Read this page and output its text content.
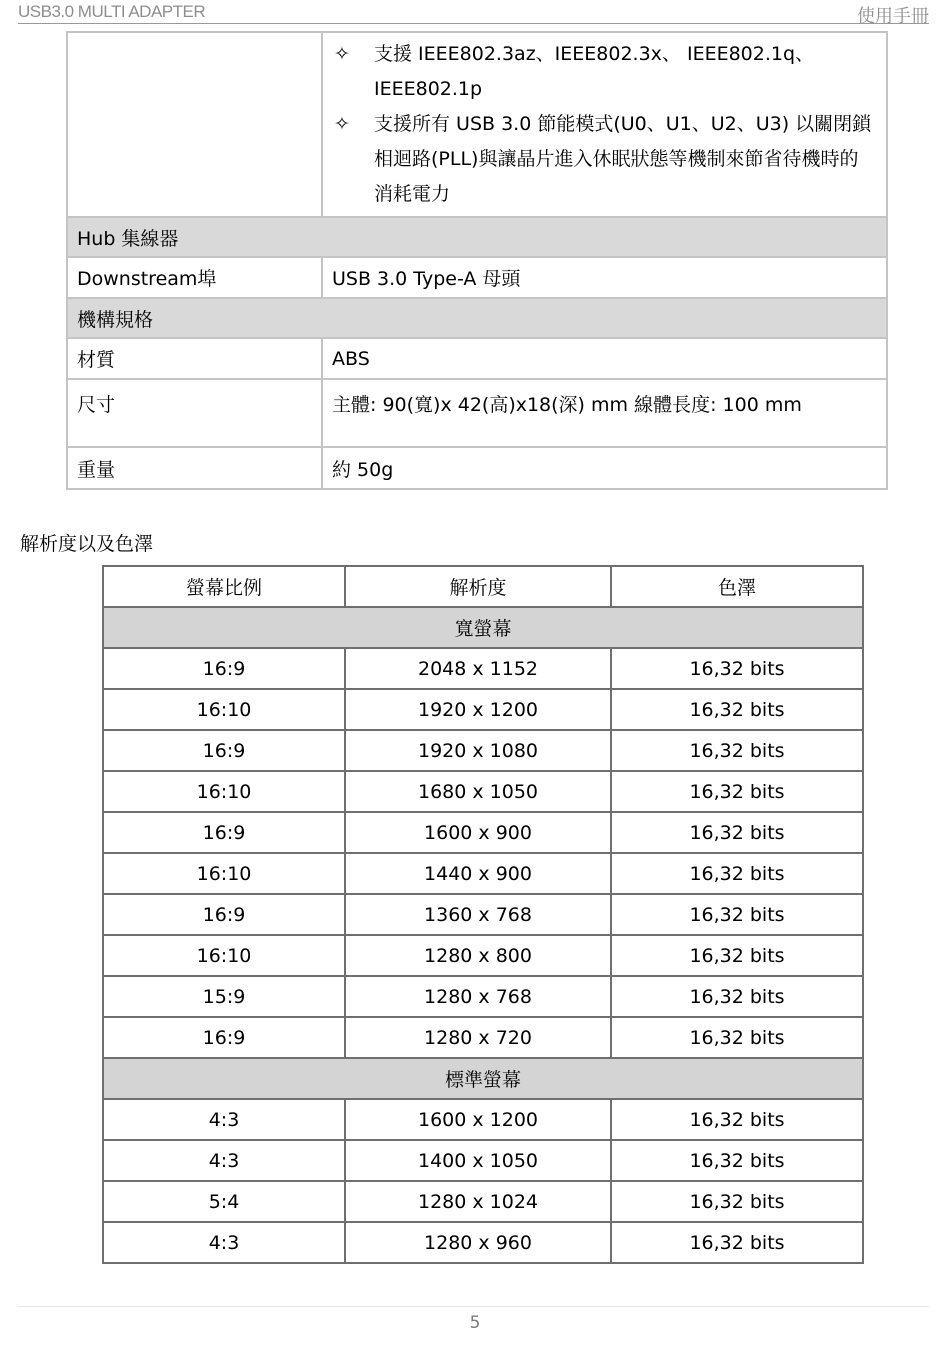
USB3.0 MULTI ADAPTER	使用手冊

	✧ 支援 IEEE802.3az、IEEE802.3x、 IEEE802.1q、IEEE802.1p
✧ 支援所有 USB 3.0 節能模式(U0、U1、U2、U3) 以關閉鎖相迴路(PLL)與讓晶片進入休眠狀態等機制來節省待機時的消耗電力

Hub 集線器	
Downstream埠	USB 3.0 Type-A 母頭
機構規格	
材質	ABS
尺寸	主體: 90(寬)x 42(高)x18(深) mm 線體長度: 100 mm
重量	約 50g
解析度以及色澤
螢幕比例	解析度	色澤
寬螢幕		
16:9	2048 x 1152	16,32 bits
16:10	1920 x 1200	16,32 bits
16:9	1920 x 1080	16,32 bits
16:10	1680 x 1050	16,32 bits
16:9	1600 x 900	16,32 bits
16:10	1440 x 900	16,32 bits
16:9	1360 x 768	16,32 bits
16:10	1280 x 800	16,32 bits
15:9	1280 x 768	16,32 bits
16:9	1280 x 720	16,32 bits
標準螢幕		
4:3	1600 x 1200	16,32 bits
4:3	1400 x 1050	16,32 bits
5:4	1280 x 1024	16,32 bits
4:3	1280 x 960	16,32 bits
5
